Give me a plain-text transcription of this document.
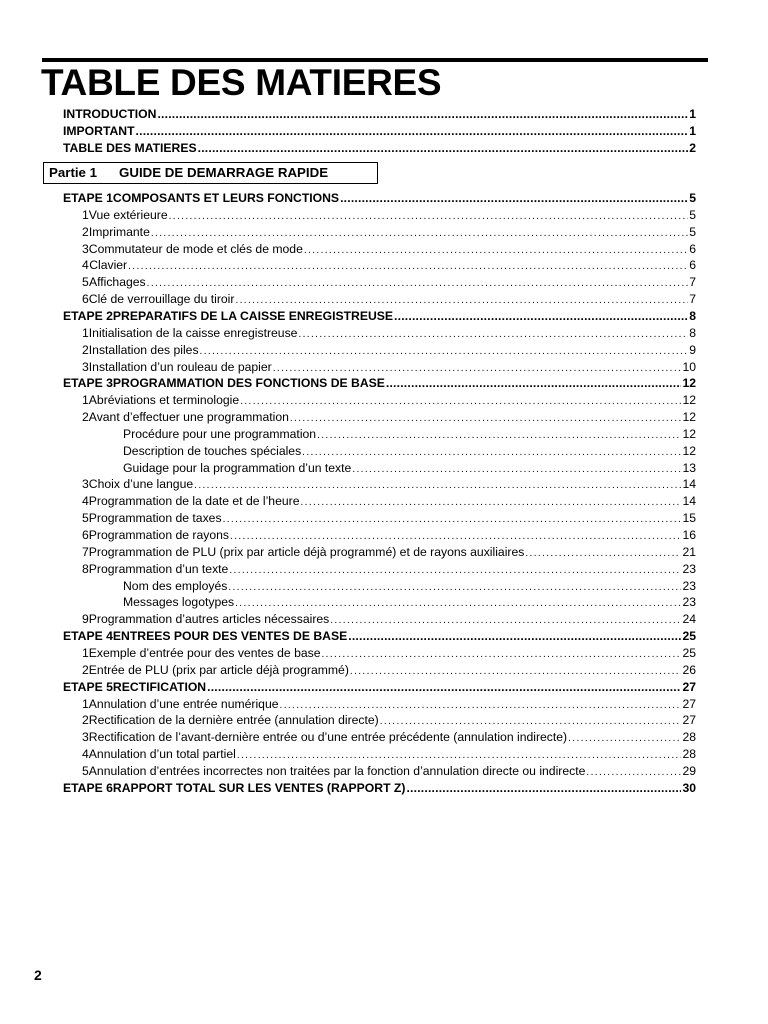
TABLE DES MATIERES
INTRODUCTION .....	1
IMPORTANT .....	1
TABLE DES MATIERES .....	2
Partie 1 GUIDE DE DEMARRAGE RAPIDE
ETAPE 1 COMPOSANTS ET LEURS FONCTIONS .....	5
1 Vue extérieure .....	5
2 Imprimante .....	5
3 Commutateur de mode et clés de mode .....	6
4 Clavier .....	6
5 Affichages .....	7
6 Clé de verrouillage du tiroir .....	7
ETAPE 2 PREPARATIFS DE LA CAISSE ENREGISTREUSE .....	8
1 Initialisation de la caisse enregistreuse .....	8
2 Installation des piles .....	9
3 Installation d’un rouleau de papier .....	10
ETAPE 3 PROGRAMMATION DES FONCTIONS DE BASE .....	12
1 Abréviations et terminologie .....	12
2 Avant d’effectuer une programmation .....	12
Procédure pour une programmation .....	12
Description de touches spéciales .....	12
Guidage pour la programmation d’un texte .....	13
3 Choix d’une langue .....	14
4 Programmation de la date et de l’heure .....	14
5 Programmation de taxes .....	15
6 Programmation de rayons .....	16
7 Programmation de PLU (prix par article déjà programmé) et de rayons auxiliaires .....	21
8 Programmation d’un texte .....	23
Nom des employés .....	23
Messages logotypes .....	23
9 Programmation d’autres articles nécessaires .....	24
ETAPE 4 ENTREES POUR DES VENTES DE BASE .....	25
1 Exemple d’entrée pour des ventes de base .....	25
2 Entrée de PLU (prix par article déjà programmé) .....	26
ETAPE 5 RECTIFICATION .....	27
1 Annulation d’une entrée numérique .....	27
2 Rectification de la dernière entrée (annulation directe) .....	27
3 Rectification de l’avant-dernière entrée ou d’une entrée précédente (annulation indirecte) .....	28
4 Annulation d’un total partiel .....	28
5 Annulation d’entrées incorrectes non traitées par la fonction d’annulation directe ou indirecte .....	29
ETAPE 6 RAPPORT TOTAL SUR LES VENTES (RAPPORT Z) .....	30
2
